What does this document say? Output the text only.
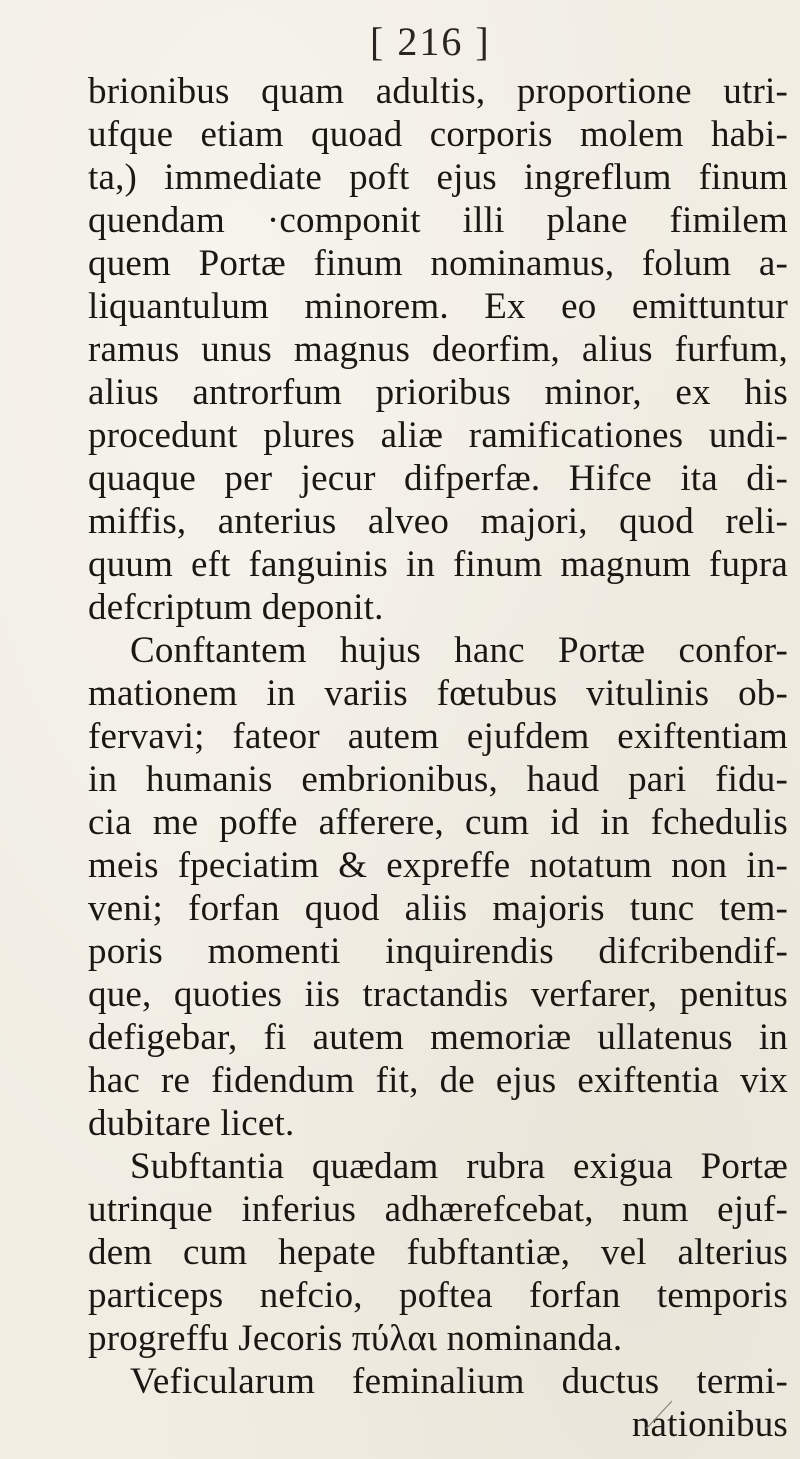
[ 216 ]
brionibus quam adultis, proportione utri-
ufque etiam quoad corporis molem habi-
ta,) immediate poft ejus ingreflum finum
quendam ·componit illi plane fimilem
quem Portæ finum nominamus, folum a-
liquantulum minorem. Ex eo emittuntur
ramus unus magnus deorfim, alius furfum,
alius antrorfum prioribus minor, ex his
procedunt plures aliæ ramificationes undi-
quaque per jecur difperfæ. Hifce ita di-
miffis, anterius alveo majori, quod reli-
quum eft fanguinis in finum magnum fupra
defcriptum deponit.
Conftantem hujus hanc Portæ confor-
mationem in variis fœtubus vitulinis ob-
fervavi; fateor autem ejufdem exiftentiam
in humanis embrionibus, haud pari fidu-
cia me poffe afferere, cum id in fchedulis
meis fpeciatim & expreffe notatum non in-
veni; forfan quod aliis majoris tunc tem-
poris momenti inquirendis difcribendif-
que, quoties iis tractandis verfarer, penitus
defigebar, fi autem memoriæ ullatenus in
hac re fidendum fit, de ejus exiftentia vix
dubitare licet.
Subftantia quædam rubra exigua Portæ
utrinque inferius adhærefcebat, num ejuf-
dem cum hepate fubftantiæ, vel alterius
particeps nefcio, poftea forfan temporis
progreffu Jecoris πύλαι nominanda.
Veficularum feminalium ductus termi-
nationibus
